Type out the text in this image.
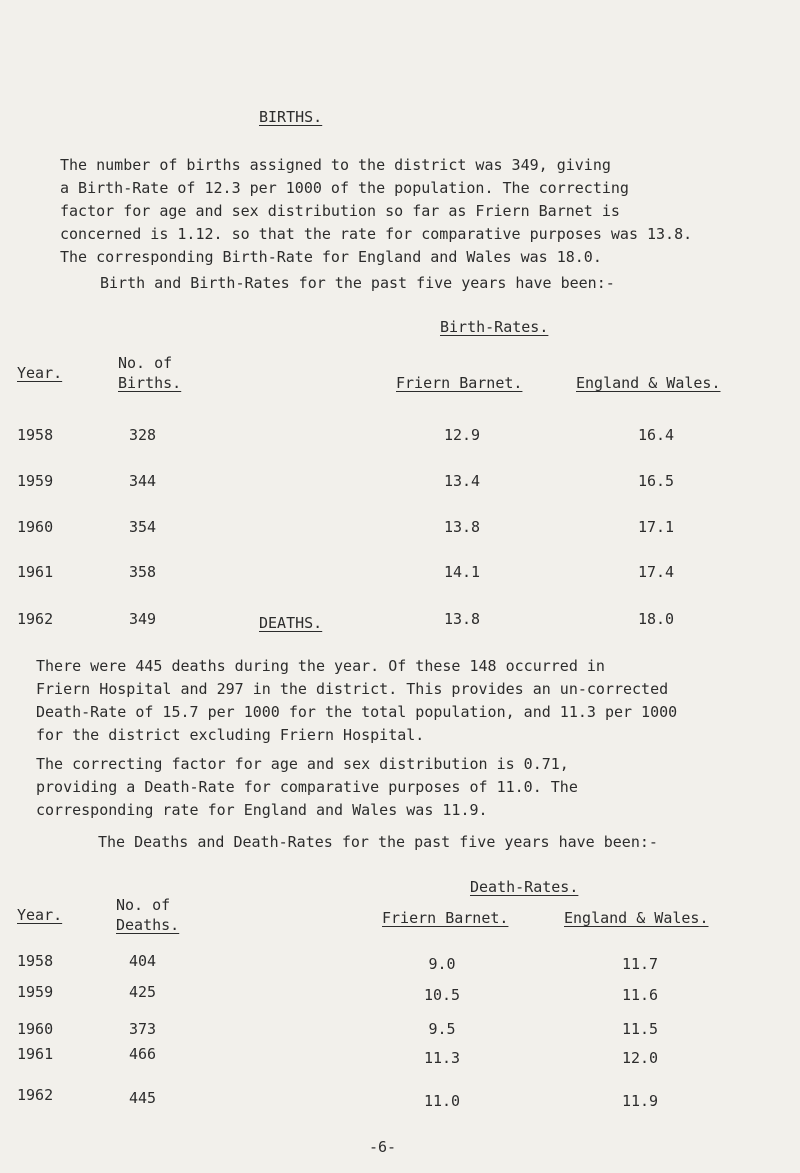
BIRTHS.
The number of births assigned to the district was 349, giving
a Birth-Rate of 12.3 per 1000 of the population. The correcting
factor for age and sex distribution so far as Friern Barnet is
concerned is 1.12. so that the rate for comparative purposes was 13.8.
The corresponding Birth-Rate for England and Wales was 18.0.
Birth and Birth-Rates for the past five years have been:-
Birth-Rates.
Year.
No. of
Births.	Friern Barnet.	England & Wales.
1958	328	12.9	16.4
1959	344	13.4	16.5
1960	354	13.8	17.1
1961	358	14.1	17.4
1962	349	13.8	18.0
DEATHS.
There were 445 deaths during the year. Of these 148 occurred in
Friern Hospital and 297 in the district. This provides an un-corrected
Death-Rate of 15.7 per 1000 for the total population, and 11.3 per 1000
for the district excluding Friern Hospital.
The correcting factor for age and sex distribution is 0.71,
providing a Death-Rate for comparative purposes of 11.0. The
corresponding rate for England and Wales was 11.9.
The Deaths and Death-Rates for the past five years have been:-
Death-Rates.
Year.
No. of
Deaths.	Friern Barnet.	England & Wales.
1958	404	9.0	11.7
1959	425	10.5	11.6
1960	373	9.5	11.5
1961	466	11.3	12.0
1962	445	11.0	11.9
-6-
